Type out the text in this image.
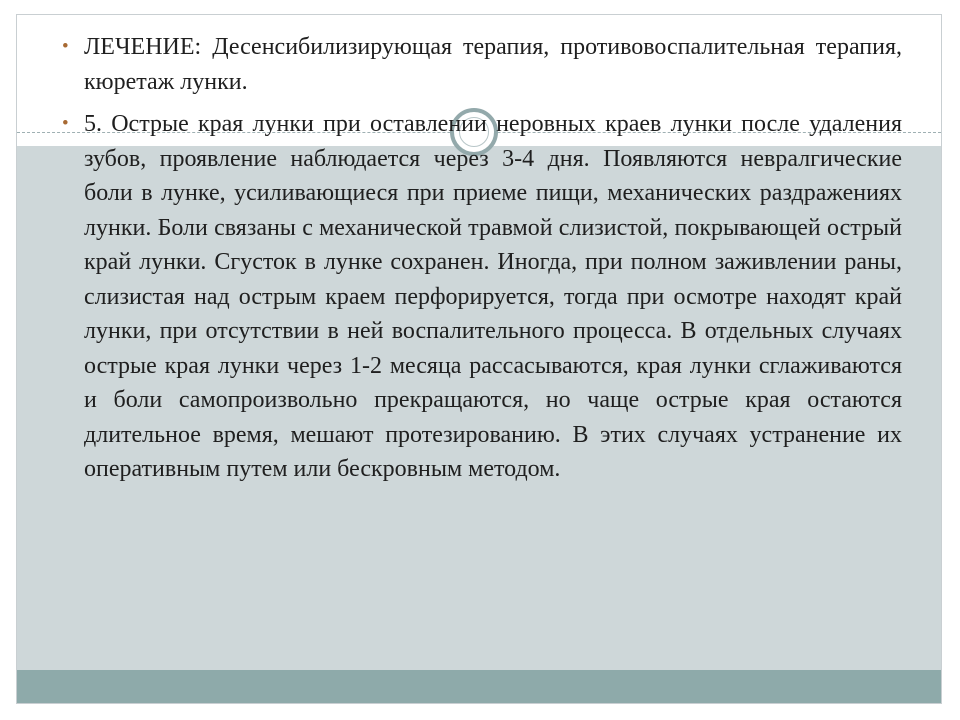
• ЛЕЧЕНИЕ: Десенсибилизирующая терапия, противовоспалительная терапия, кюретаж лунки.
• 5. Острые края лунки при оставлении неровных краев лунки после удаления зубов, проявление наблюдается через 3-4 дня. Появляются невралгические боли в лунке, усиливающиеся при приеме пищи, механических раздражениях лунки. Боли связаны с механической травмой слизистой, покрывающей острый край лунки. Сгусток в лунке сохранен. Иногда, при полном заживлении раны, слизистая над острым краем перфорируется, тогда при осмотре находят край лунки, при отсутствии в ней воспалительного процесса. В отдельных случаях острые края лунки через 1-2 месяца рассасываются, края лунки сглаживаются и боли самопроизвольно прекращаются, но чаще острые края остаются длительное время, мешают протезированию. В этих случаях устранение их оперативным путем или бескровным методом.
